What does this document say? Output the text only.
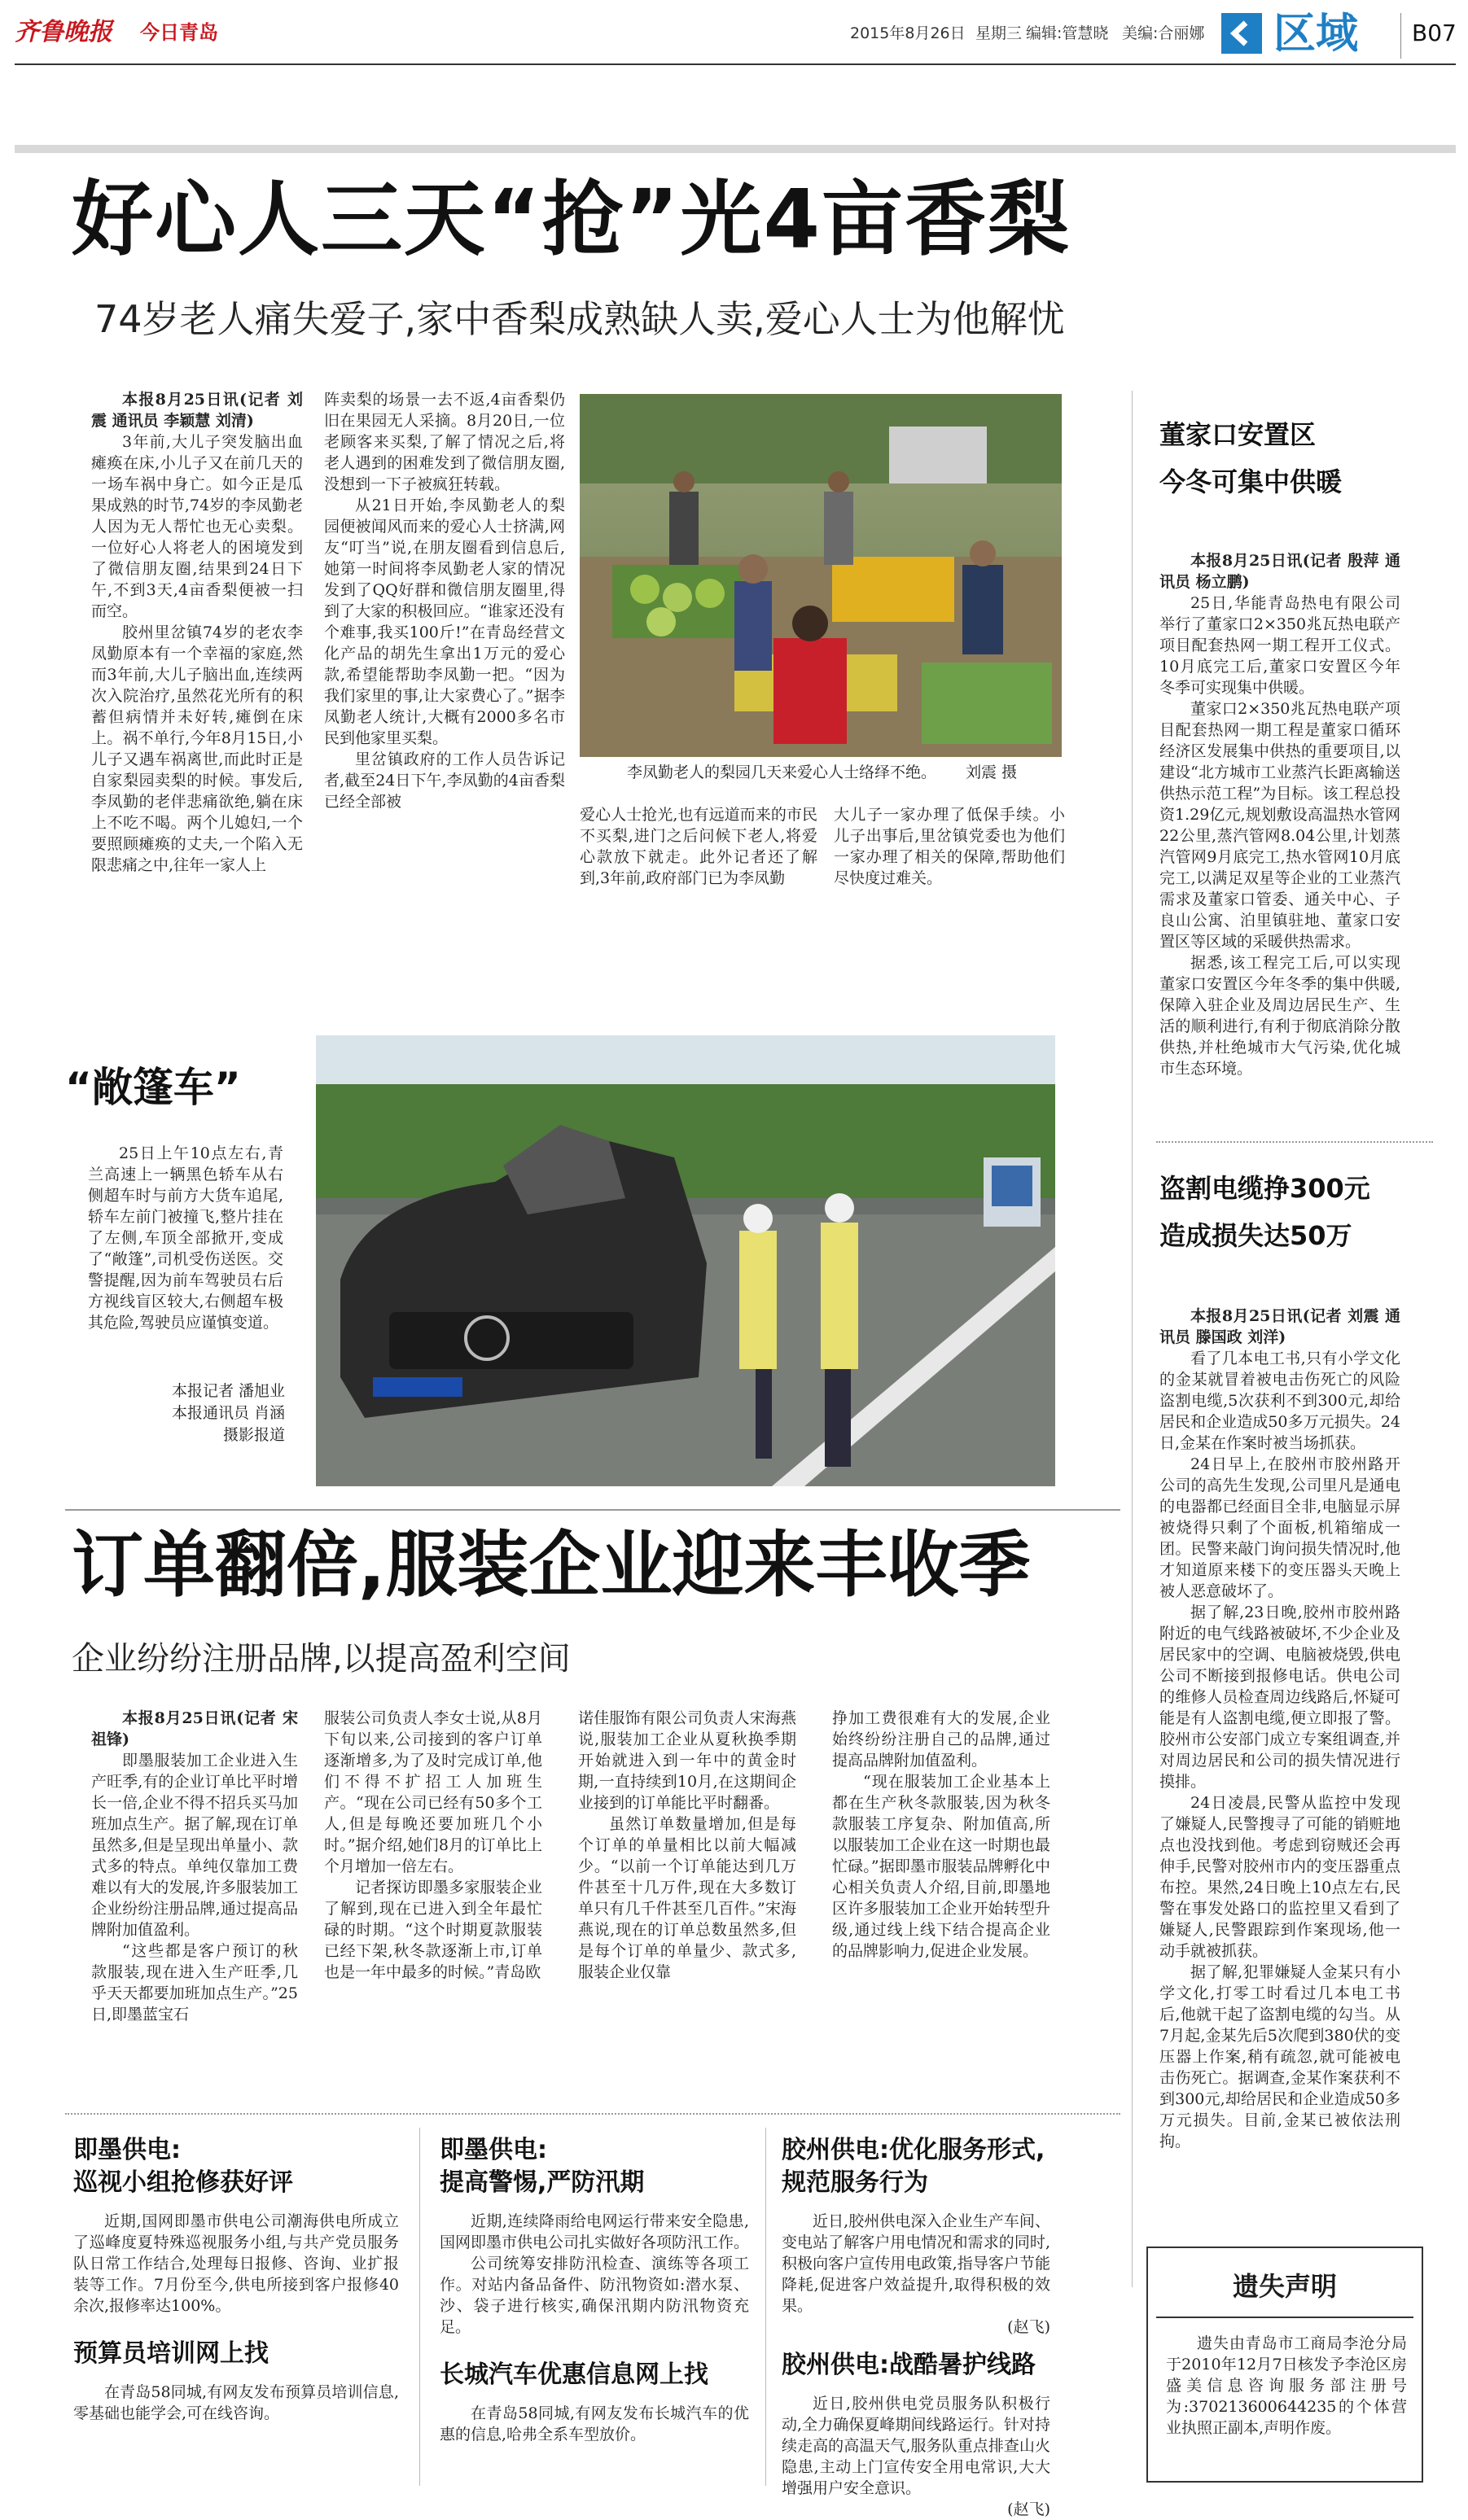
齐鲁晚报 今日青岛	2015年8月26日 星期三 编辑:管慧晓 美编:合丽娜 区域 B07
好心人三天“抢”光4亩香梨
74岁老人痛失爱子,家中香梨成熟缺人卖,爱心人士为他解忧

本报8月25日讯(记者 刘震 通讯员 李颖慧 刘清)

3年前,大儿子突发脑出血瘫痪在床,小儿子又在前几天的一场车祸中身亡。如今正是瓜果成熟的时节,74岁的李凤勤老人因为无人帮忙也无心卖梨。一位好心人将老人的困境发到了微信朋友圈,结果到24日下午,不到3天,4亩香梨便被一扫而空。

胶州里岔镇74岁的老农李凤勤原本有一个幸福的家庭,然而3年前,大儿子脑出血,连续两次入院治疗,虽然花光所有的积蓄但病情并未好转,瘫倒在床上。祸不单行,今年8月15日,小儿子又遇车祸离世,而此时正是自家梨园卖梨的时候。事发后,李凤勤的老伴悲痛欲绝,躺在床上不吃不喝。两个儿媳妇,一个要照顾瘫痪的丈夫,一个陷入无限悲痛之中,往年一家人上

阵卖梨的场景一去不返,4亩香梨仍旧在果园无人采摘。8月20日,一位老顾客来买梨,了解了情况之后,将老人遇到的困难发到了微信朋友圈,没想到一下子被疯狂转载。

从21日开始,李凤勤老人的梨园便被闻风而来的爱心人士挤满,网友“叮当”说,在朋友圈看到信息后,她第一时间将李凤勤老人家的情况发到了QQ好群和微信朋友圈里,得到了大家的积极回应。“谁家还没有个难事,我买100斤!”在青岛经营文化产品的胡先生拿出1万元的爱心款,希望能帮助李凤勤一把。“因为我们家里的事,让大家费心了。”据李凤勤老人统计,大概有2000多名市民到他家里买梨。

里岔镇政府的工作人员告诉记者,截至24日下午,李凤勤的4亩香梨已经全部被

李凤勤老人的梨园几天来爱心人士络绎不绝。 刘震 摄

爱心人士抢光,也有远道而来的市民不买梨,进门之后问候下老人,将爱心款放下就走。此外记者还了解到,3年前,政府部门已为李凤勤

大儿子一家办理了低保手续。小儿子出事后,里岔镇党委也为他们一家办理了相关的保障,帮助他们尽快度过难关。

董家口安置区
今冬可集中供暖

本报8月25日讯(记者 殷萍 通讯员 杨立鹏)

25日,华能青岛热电有限公司举行了董家口2×350兆瓦热电联产项目配套热网一期工程开工仪式。10月底完工后,董家口安置区今年冬季可实现集中供暖。

董家口2×350兆瓦热电联产项目配套热网一期工程是董家口循环经济区发展集中供热的重要项目,以建设“北方城市工业蒸汽长距离输送供热示范工程”为目标。该工程总投资1.29亿元,规划敷设高温热水管网22公里,蒸汽管网8.04公里,计划蒸汽管网9月底完工,热水管网10月底完工,以满足双星等企业的工业蒸汽需求及董家口管委、通关中心、子良山公寓、泊里镇驻地、董家口安置区等区域的采暖供热需求。

据悉,该工程完工后,可以实现董家口安置区今年冬季的集中供暖,保障入驻企业及周边居民生产、生活的顺利进行,有利于彻底消除分散供热,并杜绝城市大气污染,优化城市生态环境。

盗割电缆挣300元
造成损失达50万

本报8月25日讯(记者 刘震 通讯员 滕国政 刘洋)

看了几本电工书,只有小学文化的金某就冒着被电击伤死亡的风险盗割电缆,5次获利不到300元,却给居民和企业造成50多万元损失。24日,金某在作案时被当场抓获。

24日早上,在胶州市胶州路开公司的高先生发现,公司里凡是通电的电器都已经面目全非,电脑显示屏被烧得只剩了个面板,机箱缩成一团。民警来敲门询问损失情况时,他才知道原来楼下的变压器头天晚上被人恶意破坏了。

据了解,23日晚,胶州市胶州路附近的电气线路被破坏,不少企业及居民家中的空调、电脑被烧毁,供电公司不断接到报修电话。供电公司的维修人员检查周边线路后,怀疑可能是有人盗割电缆,便立即报了警。胶州市公安部门成立专案组调查,并对周边居民和公司的损失情况进行摸排。

24日凌晨,民警从监控中发现了嫌疑人,民警搜寻了可能的销赃地点也没找到他。考虑到窃贼还会再伸手,民警对胶州市内的变压器重点布控。果然,24日晚上10点左右,民警在事发处路口的监控里又看到了嫌疑人,民警跟踪到作案现场,他一动手就被抓获。

据了解,犯罪嫌疑人金某只有小学文化,打零工时看过几本电工书后,他就干起了盗割电缆的勾当。从7月起,金某先后5次爬到380伏的变压器上作案,稍有疏忽,就可能被电击伤死亡。据调查,金某作案获利不到300元,却给居民和企业造成50多万元损失。目前,金某已被依法刑拘。

“敞篷车”

25日上午10点左右,青兰高速上一辆黑色轿车从右侧超车时与前方大货车追尾,轿车左前门被撞飞,整片挂在了左侧,车顶全部掀开,变成了“敞篷”,司机受伤送医。交警提醒,因为前车驾驶员右后方视线盲区较大,右侧超车极其危险,驾驶员应谨慎变道。

本报记者 潘旭业
本报通讯员 肖涵
摄影报道
订单翻倍,服装企业迎来丰收季
企业纷纷注册品牌,以提高盈利空间

本报8月25日讯(记者 宋祖锋)

即墨服装加工企业进入生产旺季,有的企业订单比平时增长一倍,企业不得不招兵买马加班加点生产。据了解,现在订单虽然多,但是呈现出单量小、款式多的特点。单纯仅靠加工费难以有大的发展,许多服装加工企业纷纷注册品牌,通过提高品牌附加值盈利。

“这些都是客户预订的秋款服装,现在进入生产旺季,几乎天天都要加班加点生产。”25日,即墨蓝宝石

服装公司负责人李女士说,从8月下旬以来,公司接到的客户订单逐渐增多,为了及时完成订单,他们不得不扩招工人加班生产。“现在公司已经有50多个工人,但是每晚还要加班几个小时。”据介绍,她们8月的订单比上个月增加一倍左右。

记者探访即墨多家服装企业了解到,现在已进入到全年最忙碌的时期。“这个时期夏款服装已经下架,秋冬款逐渐上市,订单也是一年中最多的时候。”青岛欧

诺佳服饰有限公司负责人宋海燕说,服装加工企业从夏秋换季期开始就进入到一年中的黄金时期,一直持续到10月,在这期间企业接到的订单能比平时翻番。

虽然订单数量增加,但是每个订单的单量相比以前大幅减少。“以前一个订单能达到几万件甚至十几万件,现在大多数订单只有几千件甚至几百件。”宋海燕说,现在的订单总数虽然多,但是每个订单的单量少、款式多,服装企业仅靠

挣加工费很难有大的发展,企业始终纷纷注册自己的品牌,通过提高品牌附加值盈利。

“现在服装加工企业基本上都在生产秋冬款服装,因为秋冬款服装工序复杂、附加值高,所以服装加工企业在这一时期也最忙碌。”据即墨市服装品牌孵化中心相关负责人介绍,目前,即墨地区许多服装加工企业开始转型升级,通过线上线下结合提高企业的品牌影响力,促进企业发展。

即墨供电:
巡视小组抢修获好评

近期,国网即墨市供电公司潮海供电所成立了巡峰度夏特殊巡视服务小组,与共产党员服务队日常工作结合,处理每日报修、咨询、业扩报装等工作。7月份至今,供电所接到客户报修40余次,报修率达100%。

预算员培训网上找

在青岛58同城,有网友发布预算员培训信息,零基础也能学会,可在线咨询。

即墨供电:
提高警惕,严防汛期

近期,连续降雨给电网运行带来安全隐患,国网即墨市供电公司扎实做好各项防汛工作。

公司统筹安排防汛检查、演练等各项工作。对站内备品备件、防汛物资如:潜水泵、沙、袋子进行核实,确保汛期内防汛物资充足。

长城汽车优惠信息网上找

在青岛58同城,有网友发布长城汽车的优惠的信息,哈弗全系车型放价。

胶州供电:优化服务形式,
规范服务行为

近日,胶州供电深入企业生产车间、变电站了解客户用电情况和需求的同时,积极向客户宣传用电政策,指导客户节能降耗,促进客户效益提升,取得积极的效果。

(赵飞)
胶州供电:战酷暑护线路

近日,胶州供电党员服务队积极行动,全力确保夏峰期间线路运行。针对持续走高的高温天气,服务队重点排查山火隐患,主动上门宣传安全用电常识,大大增强用户安全意识。

(赵飞)
遗失声明

遗失由青岛市工商局李沧分局于2010年12月7日核发予李沧区房盛美信息咨询服务部注册号为:370213600644235的个体营业执照正副本,声明作废。
